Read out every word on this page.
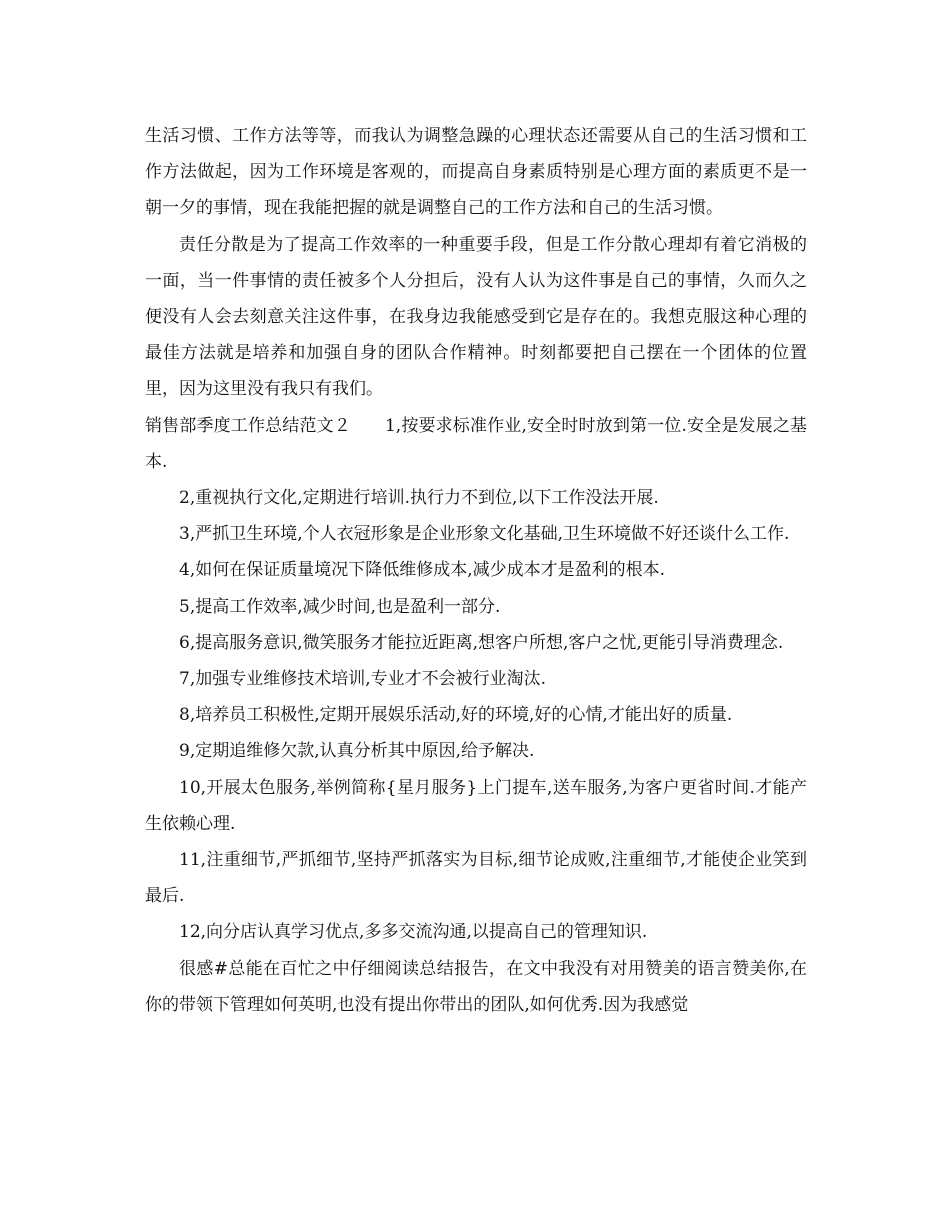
生活习惯、工作方法等等，而我认为调整急躁的心理状态还需要从自己的生活习惯和工作方法做起，因为工作环境是客观的，而提高自身素质特别是心理方面的素质更不是一朝一夕的事情，现在我能把握的就是调整自己的工作方法和自己的生活习惯。

责任分散是为了提高工作效率的一种重要手段，但是工作分散心理却有着它消极的一面，当一件事情的责任被多个人分担后，没有人认为这件事是自己的事情，久而久之便没有人会去刻意关注这件事，在我身边我能感受到它是存在的。我想克服这种心理的最佳方法就是培养和加强自身的团队合作精神。时刻都要把自己摆在一个团体的位置里，因为这里没有我只有我们。

销售部季度工作总结范文２ 1,按要求标准作业,安全时时放到第一位.安全是发展之基本.

2,重视执行文化,定期进行培训.执行力不到位,以下工作没法开展.

3,严抓卫生环境,个人衣冠形象是企业形象文化基础,卫生环境做不好还谈什么工作.

4,如何在保证质量境况下降低维修成本,减少成本才是盈利的根本.

5,提高工作效率,减少时间,也是盈利一部分.

6,提高服务意识,微笑服务才能拉近距离,想客户所想,客户之忧,更能引导消费理念.

7,加强专业维修技术培训,专业才不会被行业淘汰.

8,培养员工积极性,定期开展娱乐活动,好的环境,好的心情,才能出好的质量.

9,定期追维修欠款,认真分析其中原因,给予解决.

10,开展太色服务,举例简称{星月服务}上门提车,送车服务,为客户更省时间.才能产生依赖心理.

11,注重细节,严抓细节,坚持严抓落实为目标,细节论成败,注重细节,才能使企业笑到最后.

12,向分店认真学习优点,多多交流沟通,以提高自己的管理知识.

很感#总能在百忙之中仔细阅读总结报告，在文中我没有对用赞美的语言赞美你,在你的带领下管理如何英明,也没有提出你带出的团队,如何优秀.因为我感觉
